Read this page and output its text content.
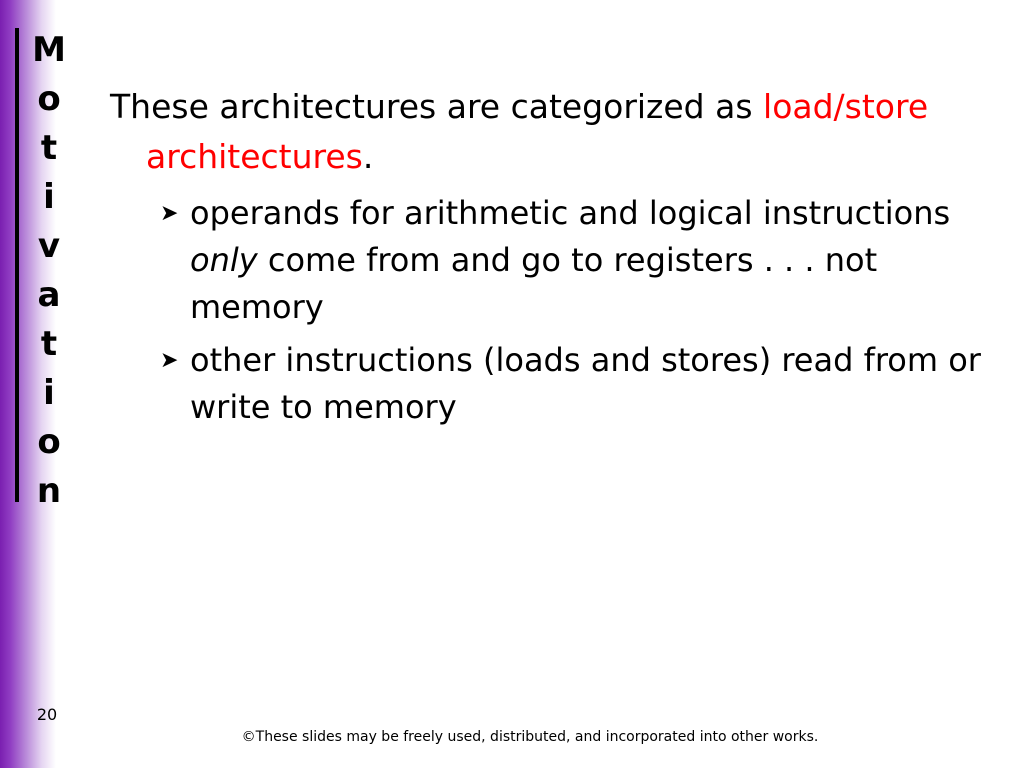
M
o
t
i
v
a
t
i
o
n

These architectures are categorized as load/store architectures.

➤ operands for arithmetic and logical instructions only come from and go to registers . . . not memory
➤ other instructions (loads and stores) read from or write to memory
20
©These slides may be freely used, distributed, and incorporated into other works.
